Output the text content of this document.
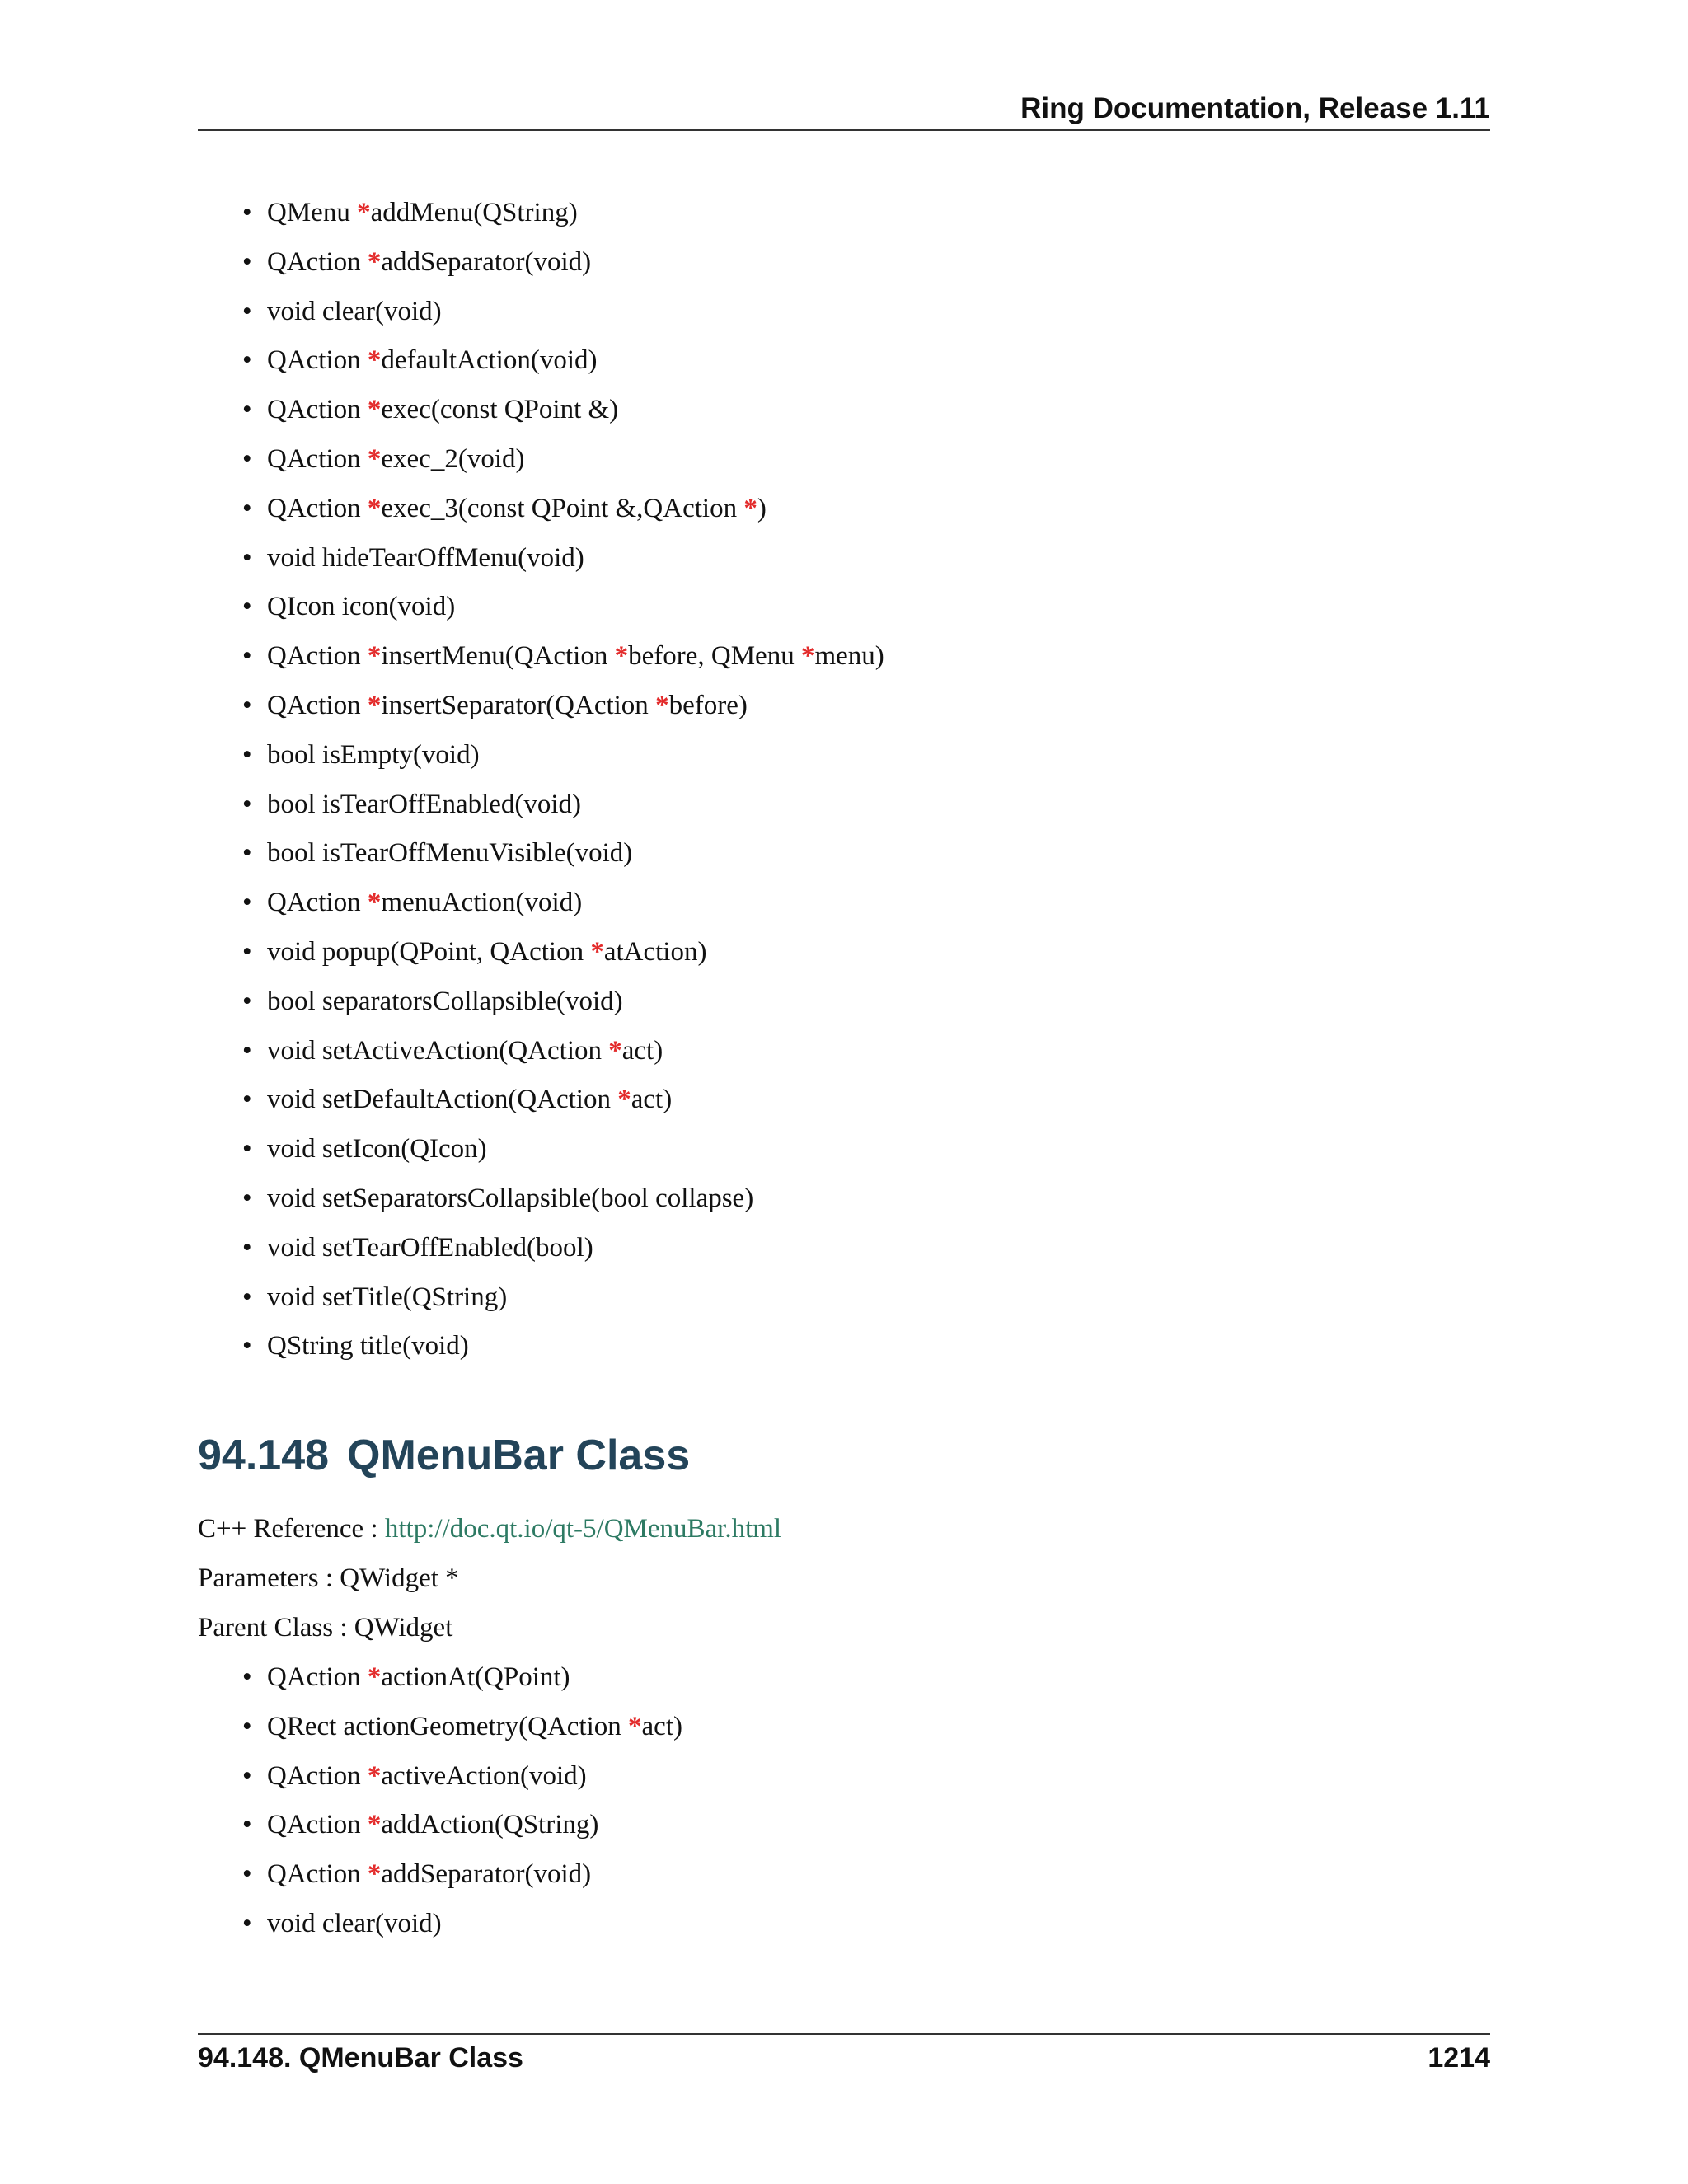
Ring Documentation, Release 1.11
• QMenu *addMenu(QString)
• QAction *addSeparator(void)
• void clear(void)
• QAction *defaultAction(void)
• QAction *exec(const QPoint &)
• QAction *exec_2(void)
• QAction *exec_3(const QPoint &,QAction *)
• void hideTearOffMenu(void)
• QIcon icon(void)
• QAction *insertMenu(QAction *before, QMenu *menu)
• QAction *insertSeparator(QAction *before)
• bool isEmpty(void)
• bool isTearOffEnabled(void)
• bool isTearOffMenuVisible(void)
• QAction *menuAction(void)
• void popup(QPoint, QAction *atAction)
• bool separatorsCollapsible(void)
• void setActiveAction(QAction *act)
• void setDefaultAction(QAction *act)
• void setIcon(QIcon)
• void setSeparatorsCollapsible(bool collapse)
• void setTearOffEnabled(bool)
• void setTitle(QString)
• QString title(void)
94.148 QMenuBar Class
C++ Reference : http://doc.qt.io/qt-5/QMenuBar.html
Parameters : QWidget *
Parent Class : QWidget
• QAction *actionAt(QPoint)
• QRect actionGeometry(QAction *act)
• QAction *activeAction(void)
• QAction *addAction(QString)
• QAction *addSeparator(void)
• void clear(void)
94.148. QMenuBar Class	1214
